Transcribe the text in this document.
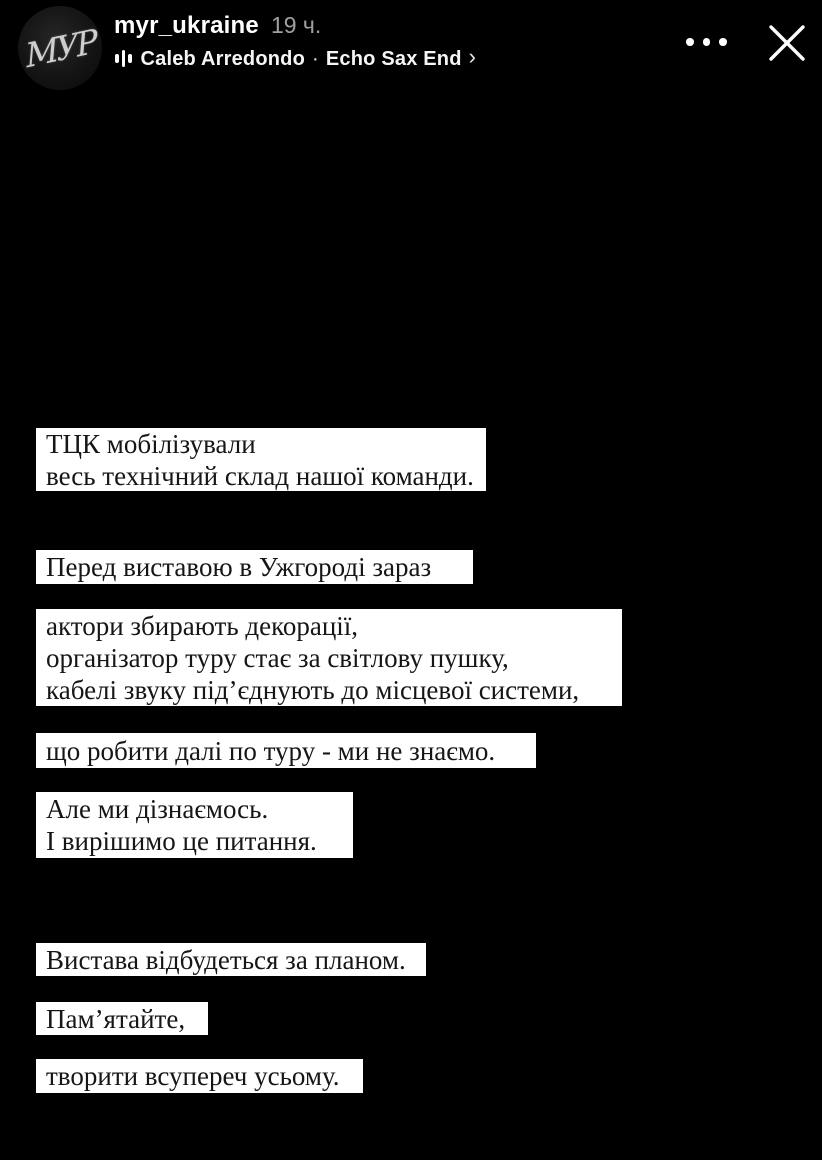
МУР myr_ukraine 19 ч.
Caleb Arredondo · Echo Sax End ›
ТЦК мобілізували
весь технічний склад нашої команди.
Перед виставою в Ужгороді зараз
актори збирають декорації,
організатор туру стає за світлову пушку,
кабелі звуку під’єднують до місцевої системи,
що робити далі по туру - ми не знаємо.
Але ми дізнаємось.
І вирішимо це питання.
Вистава відбудеться за планом.
Пам’ятайте,
творити всупереч усьому.
